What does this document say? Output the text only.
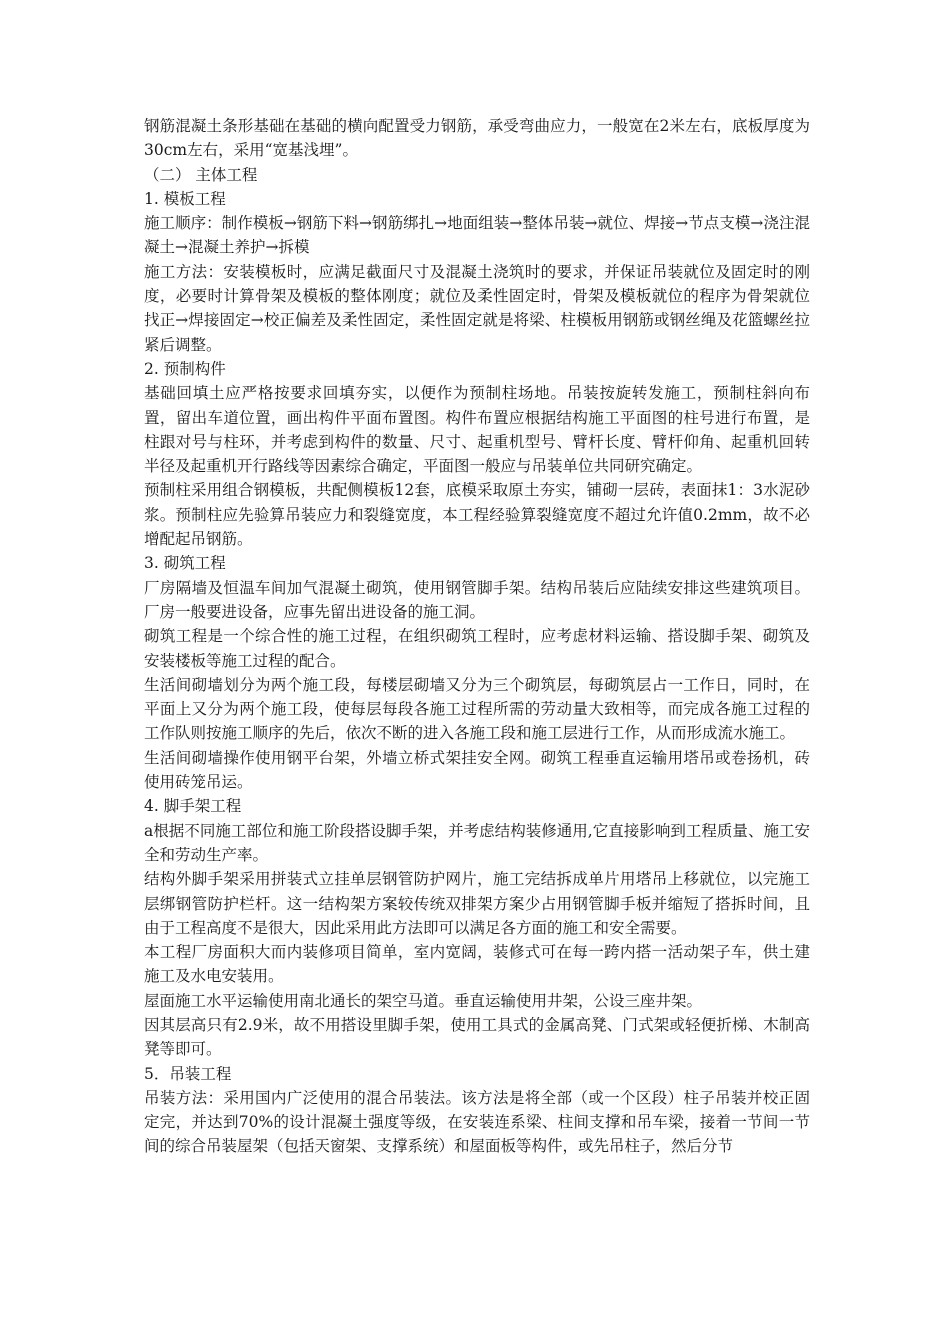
钢筋混凝土条形基础在基础的横向配置受力钢筋，承受弯曲应力，一般宽在2米左右，底板厚度为30cm左右，采用“宽基浅埋”。

（二） 主体工程

1. 模板工程

施工顺序：制作模板→钢筋下料→钢筋绑扎→地面组装→整体吊装→就位、焊接→节点支模→浇注混凝土→混凝土养护→拆模

施工方法：安装模板时，应满足截面尺寸及混凝土浇筑时的要求，并保证吊装就位及固定时的刚度，必要时计算骨架及模板的整体刚度；就位及柔性固定时，骨架及模板就位的程序为骨架就位找正→焊接固定→校正偏差及柔性固定，柔性固定就是将梁、柱模板用钢筋或钢丝绳及花篮螺丝拉紧后调整。

2. 预制构件

基础回填土应严格按要求回填夯实，以便作为预制柱场地。吊装按旋转发施工，预制柱斜向布置，留出车道位置，画出构件平面布置图。构件布置应根据结构施工平面图的柱号进行布置，是柱跟对号与柱环，并考虑到构件的数量、尺寸、起重机型号、臂杆长度、臂杆仰角、起重机回转半径及起重机开行路线等因素综合确定，平面图一般应与吊装单位共同研究确定。

预制柱采用组合钢模板，共配侧模板12套，底模采取原土夯实，铺砌一层砖，表面抹1：3水泥砂浆。预制柱应先验算吊装应力和裂缝宽度，本工程经验算裂缝宽度不超过允许值0.2mm，故不必增配起吊钢筋。

3. 砌筑工程

厂房隔墙及恒温车间加气混凝土砌筑，使用钢管脚手架。结构吊装后应陆续安排这些建筑项目。厂房一般要进设备，应事先留出进设备的施工洞。

砌筑工程是一个综合性的施工过程，在组织砌筑工程时，应考虑材料运输、搭设脚手架、砌筑及安装楼板等施工过程的配合。

生活间砌墙划分为两个施工段，每楼层砌墙又分为三个砌筑层，每砌筑层占一工作日，同时，在平面上又分为两个施工段，使每层每段各施工过程所需的劳动量大致相等，而完成各施工过程的工作队则按施工顺序的先后，依次不断的进入各施工段和施工层进行工作，从而形成流水施工。

生活间砌墙操作使用钢平台架，外墙立桥式架挂安全网。砌筑工程垂直运输用塔吊或卷扬机，砖使用砖笼吊运。

4. 脚手架工程

a根据不同施工部位和施工阶段搭设脚手架，并考虑结构装修通用,它直接影响到工程质量、施工安全和劳动生产率。

结构外脚手架采用拼装式立挂单层钢管防护网片，施工完结拆成单片用塔吊上移就位，以完施工层绑钢管防护栏杆。这一结构架方案较传统双排架方案少占用钢管脚手板并缩短了搭拆时间，且由于工程高度不是很大，因此采用此方法即可以满足各方面的施工和安全需要。

本工程厂房面积大而内装修项目简单，室内宽阔，装修式可在每一跨内搭一活动架子车，供土建施工及水电安装用。

屋面施工水平运输使用南北通长的架空马道。垂直运输使用井架，公设三座井架。

因其层高只有2.9米，故不用搭设里脚手架，使用工具式的金属高凳、门式架或轻便折梯、木制高凳等即可。

5．吊装工程

吊装方法：采用国内广泛使用的混合吊装法。该方法是将全部（或一个区段）柱子吊装并校正固定完，并达到70%的设计混凝土强度等级，在安装连系梁、柱间支撑和吊车梁，接着一节间一节间的综合吊装屋架（包括天窗架、支撑系统）和屋面板等构件，或先吊柱子，然后分节
